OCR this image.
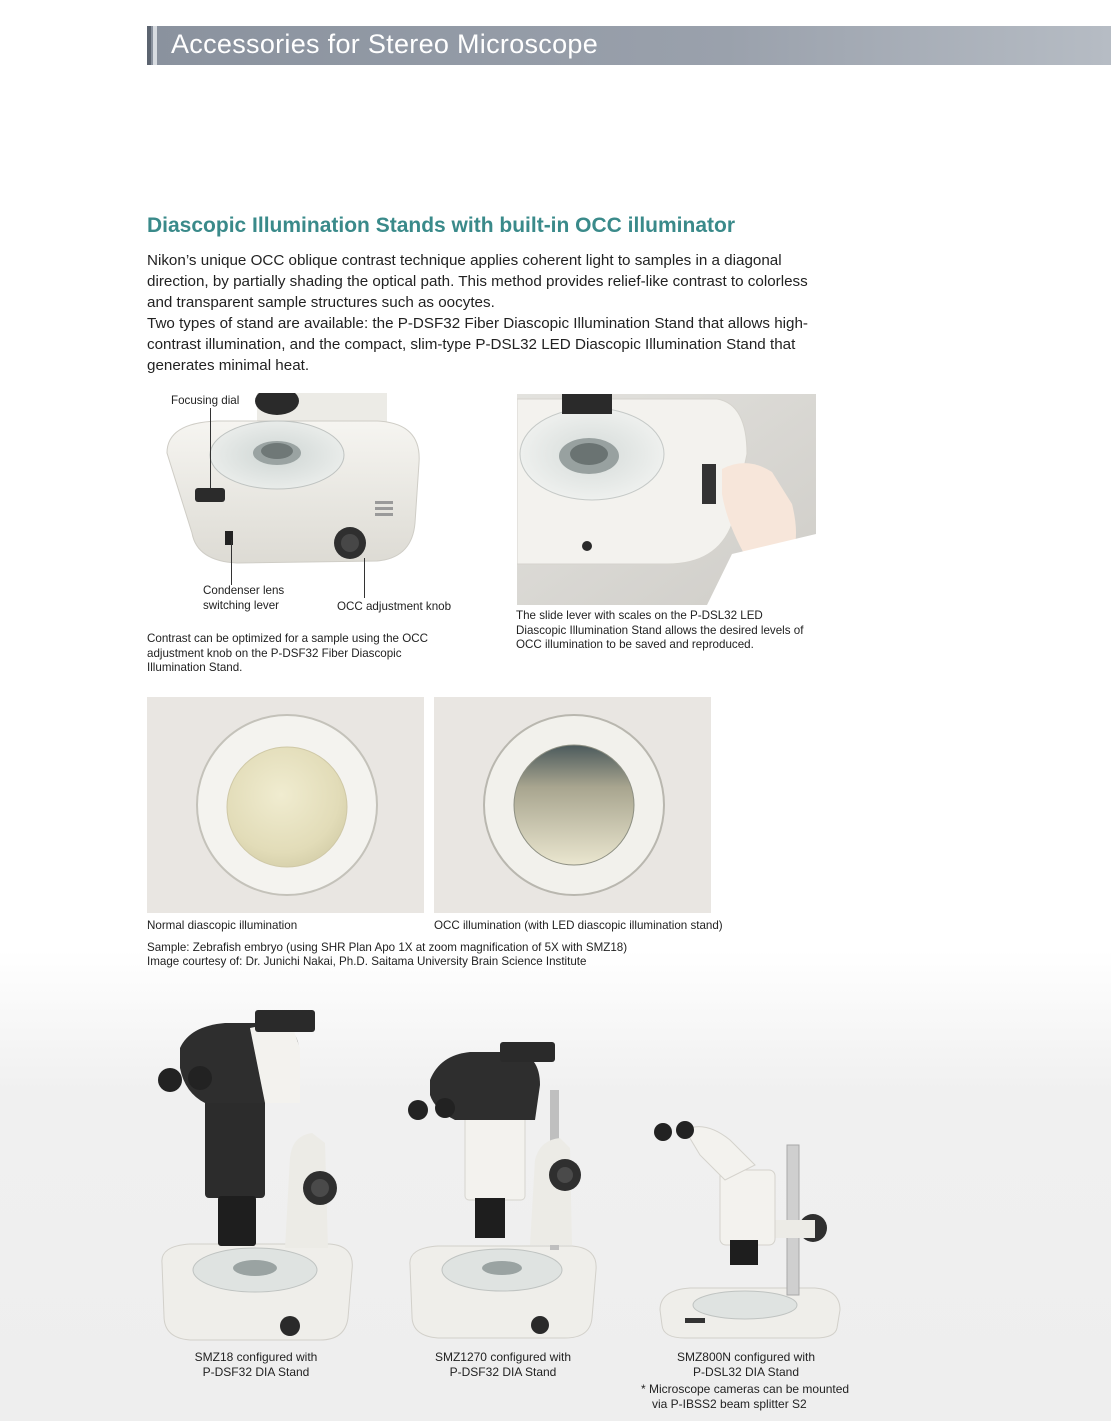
Accessories for Stereo Microscope
Diascopic Illumination Stands with built-in OCC illuminator

Nikon’s unique OCC oblique contrast technique applies coherent light to samples in a diagonal direction, by partially shading the optical path. This method provides relief-like contrast to colorless and transparent sample structures such as oocytes.

Two types of stand are available: the P-DSF32 Fiber Diascopic Illumination Stand that allows high-contrast illumination, and the compact, slim-type P-DSL32 LED Diascopic Illumination Stand that generates minimal heat.

Focusing dial
Condenser lens
switching lever	OCC adjustment knob
Contrast can be optimized for a sample using the OCC adjustment knob on the P-DSF32 Fiber Diascopic Illumination Stand.
The slide lever with scales on the P-DSL32 LED Diascopic Illumination Stand allows the desired levels of OCC illumination to be saved and reproduced.
Normal diascopic illumination	OCC illumination (with LED diascopic illumination stand)
Sample: Zebrafish embryo (using SHR Plan Apo 1X at zoom magnification of 5X with SMZ18)
Image courtesy of: Dr. Junichi Nakai, Ph.D. Saitama University Brain Science Institute
SMZ18 configured with
P-DSF32 DIA Stand
SMZ1270 configured with
P-DSF32 DIA Stand
SMZ800N configured with
P-DSL32 DIA Stand
* Microscope cameras can be mounted
via P-IBSS2 beam splitter S2
